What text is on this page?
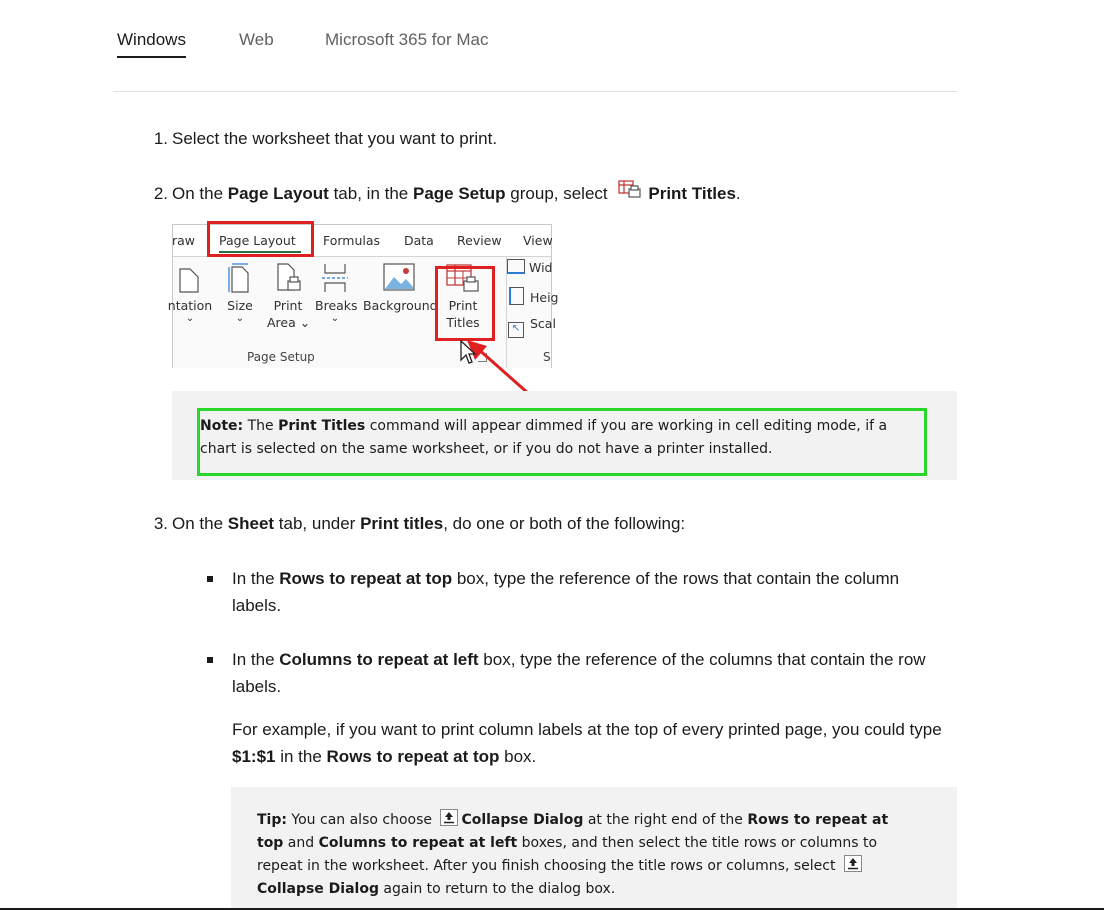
Windows	Web	Microsoft 365 for Mac
1. Select the worksheet that you want to print.
2. On the Page Layout tab, in the Page Setup group, select Print Titles.
raw Page Layout Formulas Data Review View
ntation
⌄
Size
⌄
Print
Area ⌄
Breaks
⌄
Background Print
Titles
Wid
Heig
↖ Scal
Page Setup	S
Note: The Print Titles command will appear dimmed if you are working in cell editing mode, if a chart is selected on the same worksheet, or if you do not have a printer installed.
3. On the Sheet tab, under Print titles, do one or both of the following:
In the Rows to repeat at top box, type the reference of the rows that contain the column labels.
In the Columns to repeat at left box, type the reference of the columns that contain the row labels.
For example, if you want to print column labels at the top of every printed page, you could type $1:$1 in the Rows to repeat at top box.
Tip: You can also choose Collapse Dialog at the right end of the Rows to repeat at top and Columns to repeat at left boxes, and then select the title rows or columns to repeat in the worksheet. After you finish choosing the title rows or columns, select Collapse Dialog again to return to the dialog box.
